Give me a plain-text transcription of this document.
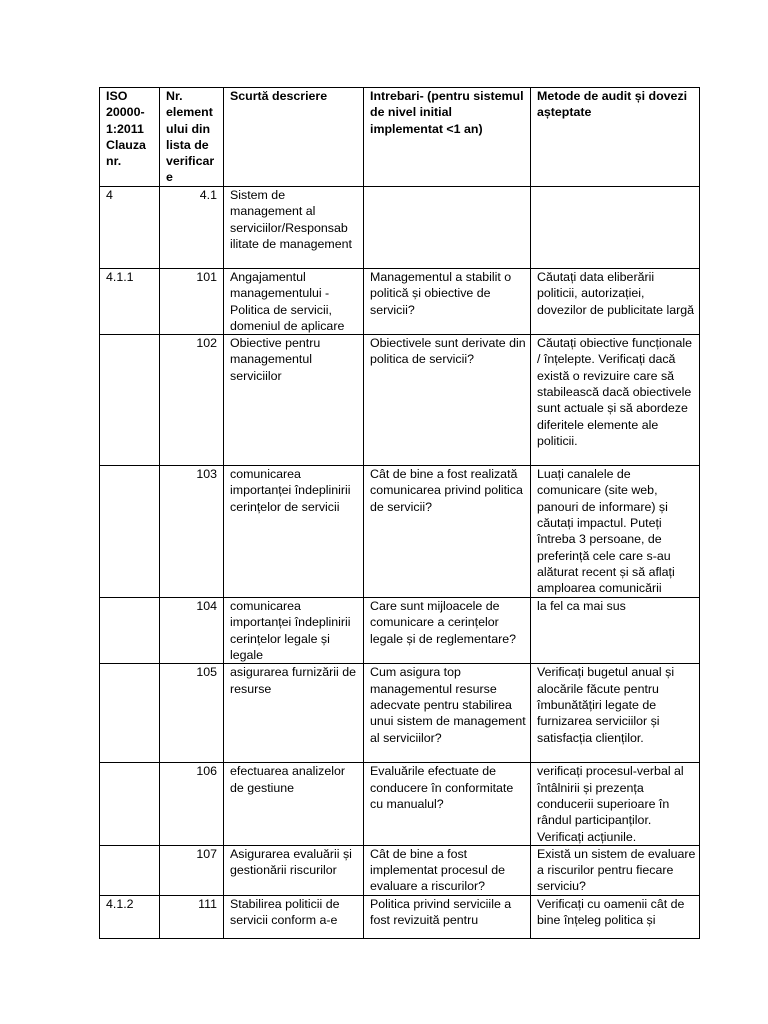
ISO 20000-1:2011 Clauza nr.	Nr. element ului din lista de verificar e	Scurtă descriere	Intrebari- (pentru sistemul de nivel initial implementat <1 an)	Metode de audit și dovezi așteptate
4	4.1	Sistem de management al serviciilor/Responsab ilitate de management		
4.1.1	101	Angajamentul managementului - Politica de servicii, domeniul de aplicare	Managementul a stabilit o politică și obiective de servicii?	Căutați data eliberării politicii, autorizației, dovezilor de publicitate largă
	102	Obiective pentru managementul serviciilor	Obiectivele sunt derivate din politica de servicii?	Căutați obiective funcționale / înțelepte. Verificați dacă există o revizuire care să stabilească dacă obiectivele sunt actuale și să abordeze diferitele elemente ale politicii.
	103	comunicarea importanței îndeplinirii cerințelor de servicii	Cât de bine a fost realizată comunicarea privind politica de servicii?	Luați canalele de comunicare (site web, panouri de informare) și căutați impactul. Puteți întreba 3 persoane, de preferință cele care s-au alăturat recent și să aflați amploarea comunicării
	104	comunicarea importanței îndeplinirii cerințelor legale și legale	Care sunt mijloacele de comunicare a cerințelor legale și de reglementare?	la fel ca mai sus
	105	asigurarea furnizării de resurse	Cum asigura top managementul resurse adecvate pentru stabilirea unui sistem de management al serviciilor?	Verificați bugetul anual și alocările făcute pentru îmbunătățiri legate de furnizarea serviciilor și satisfacția clienților.
	106	efectuarea analizelor de gestiune	Evaluările efectuate de conducere în conformitate cu manualul?	verificați procesul-verbal al întâlnirii și prezența conducerii superioare în rândul participanților. Verificați acțiunile.
	107	Asigurarea evaluării și gestionării riscurilor	Cât de bine a fost implementat procesul de evaluare a riscurilor?	Există un sistem de evaluare a riscurilor pentru fiecare serviciu?
4.1.2	111	Stabilirea politicii de servicii conform a-e	Politica privind serviciile a fost revizuită pentru	Verificați cu oamenii cât de bine înțeleg politica și
